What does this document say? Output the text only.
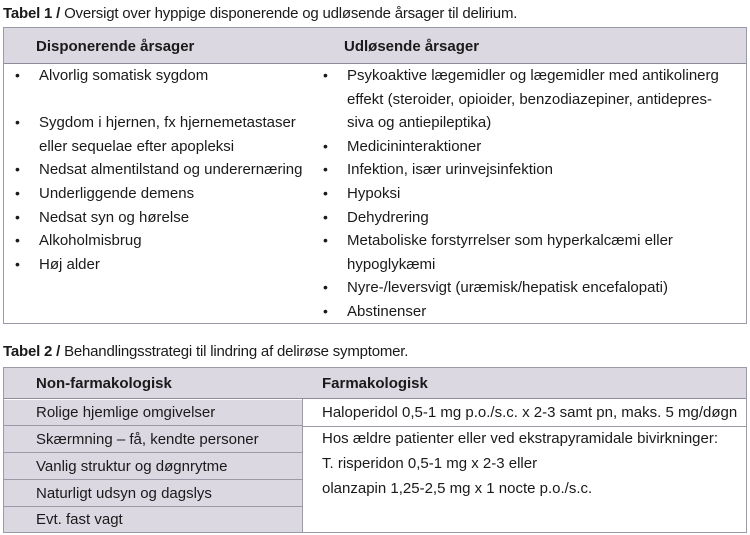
Tabel 1 / Oversigt over hyppige disponerende og udløsende årsager til delirium.
Disponerende årsager	Udløsende årsager
• Alvorlig somatisk sygdom
• Sygdom i hjernen, fx hjernemetastaser
eller sequelae efter apopleksi
• Nedsat almentilstand og underernæring
• Underliggende demens
• Nedsat syn og hørelse
• Alkoholmisbrug
• Høj alder
• Psykoaktive lægemidler og lægemidler med antikolinerg
effekt (steroider, opioider, benzodiazepiner, antidepres-
siva og antiepileptika)
• Medicininteraktioner
• Infektion, især urinvejsinfektion
• Hypoksi
• Dehydrering
• Metaboliske forstyrrelser som hyperkalcæmi eller
hypoglykæmi
• Nyre-/leversvigt (uræmisk/hepatisk encefalopati)
• Abstinenser
Tabel 2 / Behandlingsstrategi til lindring af delirøse symptomer.
Non-farmakologisk	Farmakologisk
Rolige hjemlige omgivelser
Skærmning – få, kendte personer
Vanlig struktur og døgnrytme
Naturligt udsyn og dagslys
Evt. fast vagt
Haloperidol 0,5-1 mg p.o./s.c. x 2-3 samt pn, maks. 5 mg/døgn
Hos ældre patienter eller ved ekstrapyramidale bivirkninger:
T. risperidon 0,5-1 mg x 2-3 eller
olanzapin 1,25-2,5 mg x 1 nocte p.o./s.c.
